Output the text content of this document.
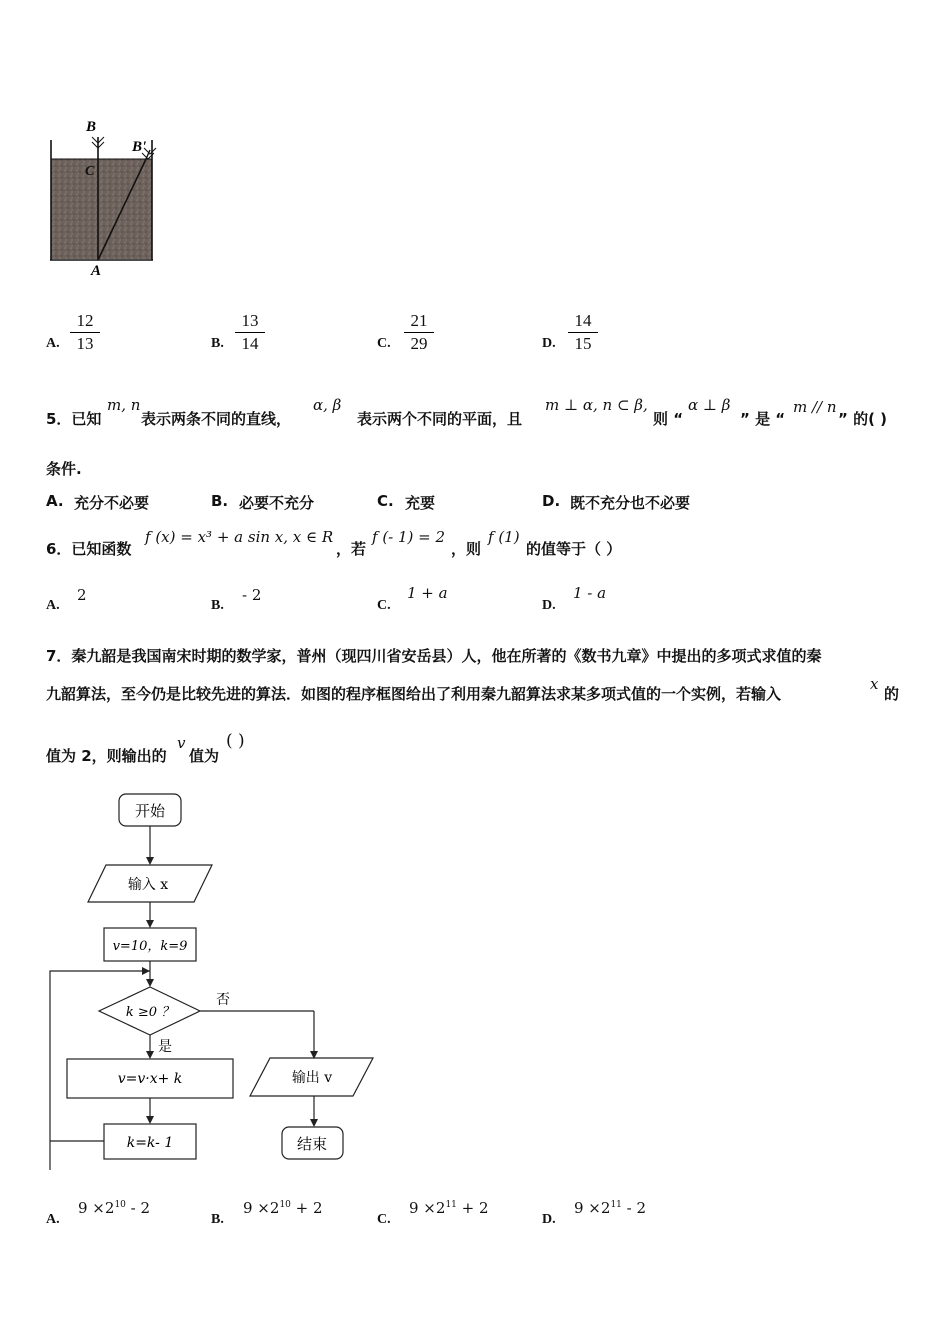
B
B'
C
A
A. $\frac{12}{13}$	B. $\frac{13}{14}$	C. $\frac{21}{29}$	D. $\frac{14}{15}$
5．已知
m, n
表示两条不同的直线，
α, β
表示两个不同的平面，且
m ⊥ α, n ⊂ β,
则 “
α ⊥ β
” 是 “
m // n
” 的( )
条件.
A. 充分不必要	B. 必要不充分	C. 充要	D. 既不充分也不必要
6．已知函数
f (x) = x³ + a sin x, x ∈ R
，若
f (- 1) = 2
，则
f (1)
的值等于（ ）
A.
2
B.
- 2
C.
1 + a
D.
1 - a
7．秦九韶是我国南宋时期的数学家，普州（现四川省安岳县）人，他在所著的《数书九章》中提出的多项式求值的秦
九韶算法，至今仍是比较先进的算法．如图的程序框图给出了利用秦九韶算法求某多项式值的一个实例，若输入
x
的
值为 2，则输出的
v
值为
( )
开始
输入 x
v=10，k=9
k ≥0 ？
否
是
v=v·x+ k
k=k- 1
输出 v
结束
A.
$9 \times 2^{10} - 2$
B.
$9 \times 2^{10} + 2$
C.
$9 \times 2^{11} + 2$
D.
$9 \times 2^{11} - 2$
